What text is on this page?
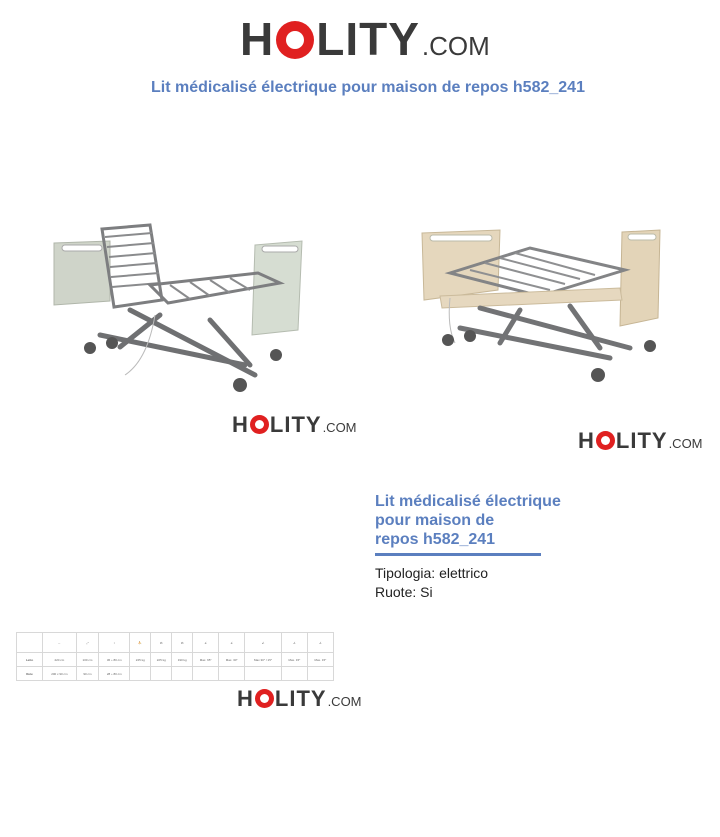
H LITY .COM
Lit médicalisé électrique pour maison de repos h582_241
H LITY .COM
H LITY .COM
Lit médicalisé électrique
pour maison de
repos h582_241
Tipologia: elettrico
Ruote: Si
	⇔	⤢	↕	⛹	⚖	⚖	∠	∠	∠	∠	∠
Letto	220 cm	100 cm	36 ÷ 80 cm	225 kg	225 kg	190 kg	Max. 65°	Max. 30°	Max 30° / 15°	Max. 15°	Max. 15°
Rete	200 x 90 cm	90 cm	28 ÷ 80 cm								
H LITY .COM
